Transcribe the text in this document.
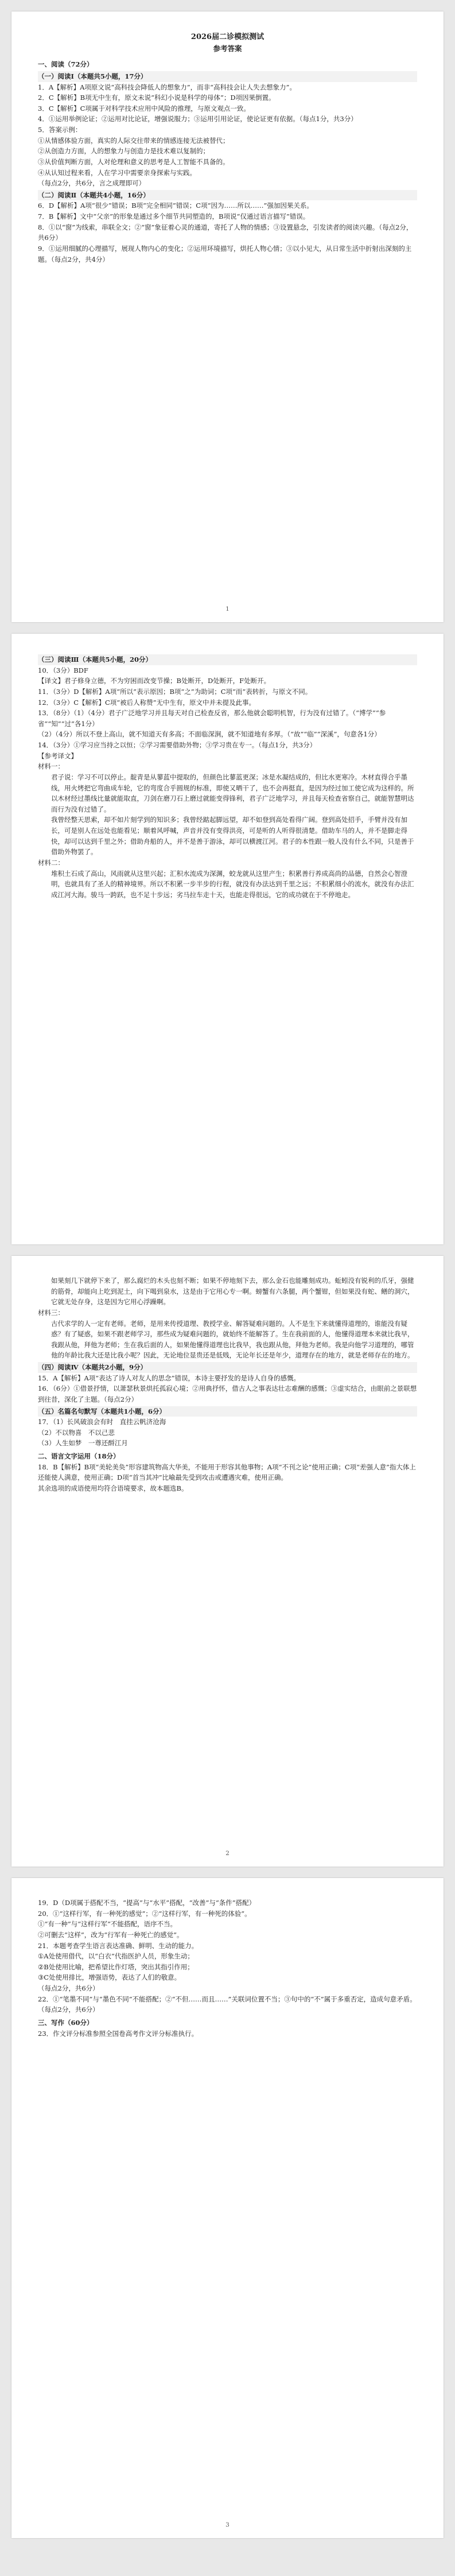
2026届二诊模拟测试

参考答案

一、阅读（72分）

（一）阅读Ⅰ（本题共5小题，17分）

1．A【解析】A项原文说“高科技会降低人的想象力”，而非“高科技会让人失去想象力”。

2．C【解析】B项无中生有，原文未说“科幻小说是科学的母体”；D项因果倒置。

3．C【解析】C项属于对科学技术应用中风险的推理，与原文观点一致。

4．①运用举例论证；②运用对比论证，增强说服力；③运用引用论证，使论证更有依据。（每点1分，共3分）

5．答案示例：

①从情感体验方面，真实的人际交往带来的情感连接无法被替代；

②从创造力方面，人的想象力与创造力是技术难以复制的；

③从价值判断方面，人对伦理和意义的思考是人工智能不具备的。

④从认知过程来看，人在学习中需要亲身探索与实践。

（每点2分，共6分，言之成理即可）

（二）阅读Ⅱ（本题共4小题，16分）

6．D【解析】A项“很少”错误；B项“完全相同”错误；C项“因为……所以……”强加因果关系。

7．B【解析】文中“父亲”的形象是通过多个细节共同塑造的，B项说“仅通过语言描写”错误。

8．①以“窗”为线索，串联全文；②“窗”象征着心灵的通道，寄托了人物的情感；③设置悬念，引发读者的阅读兴趣。（每点2分，共6分）

9．①运用细腻的心理描写，展现人物内心的变化；②运用环境描写，烘托人物心情；③以小见大，从日常生活中折射出深刻的主题。（每点2分，共4分）

1

（三）阅读Ⅲ（本题共5小题，20分）

10．（3分）BDF

【译文】君子修身立德，不为穷困而改变节操；B处断开，D处断开，F处断开。

11．（3分）D【解析】A项“所以”表示原因；B项“之”为助词；C项“而”表转折，与原文不同。

12．（3分）C【解析】C项“被后人称赞”无中生有，原文中并未提及此事。

13．（8分）（1）（4分）君子广泛地学习并且每天对自己检查反省，那么他就会聪明机智，行为没有过错了。（“博学”“参省”“知”“过”各1分）

（2）（4分）所以不登上高山，就不知道天有多高；不面临深涧，就不知道地有多厚。（“故”“临”“深溪”，句意各1分）

14．（3分）①学习应当持之以恒；②学习需要借助外物；③学习贵在专一。（每点1分，共3分）

【参考译文】

材料一：

君子说：学习不可以停止。靛青是从蓼蓝中提取的，但颜色比蓼蓝更深；冰是水凝结成的，但比水更寒冷。木材直得合乎墨线，用火烤把它弯曲成车轮，它的弯度合乎圆规的标准，即使又晒干了，也不会再挺直，是因为经过加工使它成为这样的。所以木材经过墨线比量就能取直，刀剑在磨刀石上磨过就能变得锋利，君子广泛地学习，并且每天检查省察自己，就能智慧明达而行为没有过错了。

我曾经整天思索，却不如片刻学到的知识多；我曾经踮起脚远望，却不如登到高处看得广阔。登到高处招手，手臂并没有加长，可是别人在远处也能看见；顺着风呼喊，声音并没有变得洪亮，可是听的人听得很清楚。借助车马的人，并不是脚走得快，却可以达到千里之外；借助舟船的人，并不是善于游泳，却可以横渡江河。君子的本性跟一般人没有什么不同，只是善于借助外物罢了。

材料二：

堆积土石成了高山，风雨就从这里兴起；汇积水流成为深渊，蛟龙就从这里产生；积累善行养成高尚的品德，自然会心智澄明，也就具有了圣人的精神境界。所以不积累一步半步的行程，就没有办法达到千里之远；不积累细小的流水，就没有办法汇成江河大海。骏马一跨跃，也不足十步远；劣马拉车走十天，也能走得很远，它的成功就在于不停地走。

如果刻几下就停下来了，那么腐烂的木头也刻不断；如果不停地刻下去，那么金石也能雕刻成功。蚯蚓没有锐利的爪牙，强健的筋骨，却能向上吃到泥土，向下喝到泉水，这是由于它用心专一啊。螃蟹有六条腿，两个蟹钳，但如果没有蛇、鳝的洞穴，它就无处存身，这是因为它用心浮躁啊。

材料三：

古代求学的人一定有老师。老师，是用来传授道理、教授学业、解答疑难问题的。人不是生下来就懂得道理的，谁能没有疑惑？有了疑惑，如果不跟老师学习，那些成为疑难问题的，就始终不能解答了。生在我前面的人，他懂得道理本来就比我早，我跟从他，拜他为老师；生在我后面的人，如果他懂得道理也比我早，我也跟从他，拜他为老师。我是向他学习道理的，哪管他的年龄比我大还是比我小呢？因此，无论地位显贵还是低贱，无论年长还是年少，道理存在的地方，就是老师存在的地方。

（四）阅读Ⅳ（本题共2小题，9分）

15．A【解析】A项“表达了诗人对友人的思念”错误，本诗主要抒发的是诗人自身的感慨。

16．（6分）①借景抒情，以萧瑟秋景烘托孤寂心境；②用典抒怀，借古人之事表达壮志难酬的感慨；③虚实结合，由眼前之景联想到往昔，深化了主题。（每点2分）

（五）名篇名句默写（本题共1小题，6分）

17．（1）长风破浪会有时　直挂云帆济沧海

（2）不以物喜　不以己悲

（3）人生如梦　一尊还酹江月

二、语言文字运用（18分）

18．B【解析】B项“美轮美奂”形容建筑物高大华美，不能用于形容其他事物；A项“不刊之论”使用正确；C项“差强人意”指大体上还能使人满意，使用正确；D项“首当其冲”比喻最先受到攻击或遭遇灾难，使用正确。

其余选项的成语使用均符合语境要求，故本题选B。

2

19．D（D项属于搭配不当，“提高”与“水平”搭配，“改善”与“条件”搭配）

20．①“这样行军，有一种死的感觉”；②“这样行军，有一种死的体验”。

①“有一种”与“这样行军”不能搭配，语序不当。

②可删去“这样”，改为“行军有一种死亡的感觉”。

21．本题考查学生语言表达准确、鲜明、生动的能力。

①A处使用借代，以“白衣”代指医护人员，形象生动；

②B处使用比喻，把希望比作灯塔，突出其指引作用；

③C处使用排比，增强语势，表达了人们的敬意。

（每点2分，共6分）

22．①“笔墨不同”与“墨色不同”不能搭配；②“不但……而且……”关联词位置不当；③句中的“不”属于多重否定，造成句意矛盾。（每点2分，共6分）

三、写作（60分）

23．作文评分标准参照全国卷高考作文评分标准执行。

3
